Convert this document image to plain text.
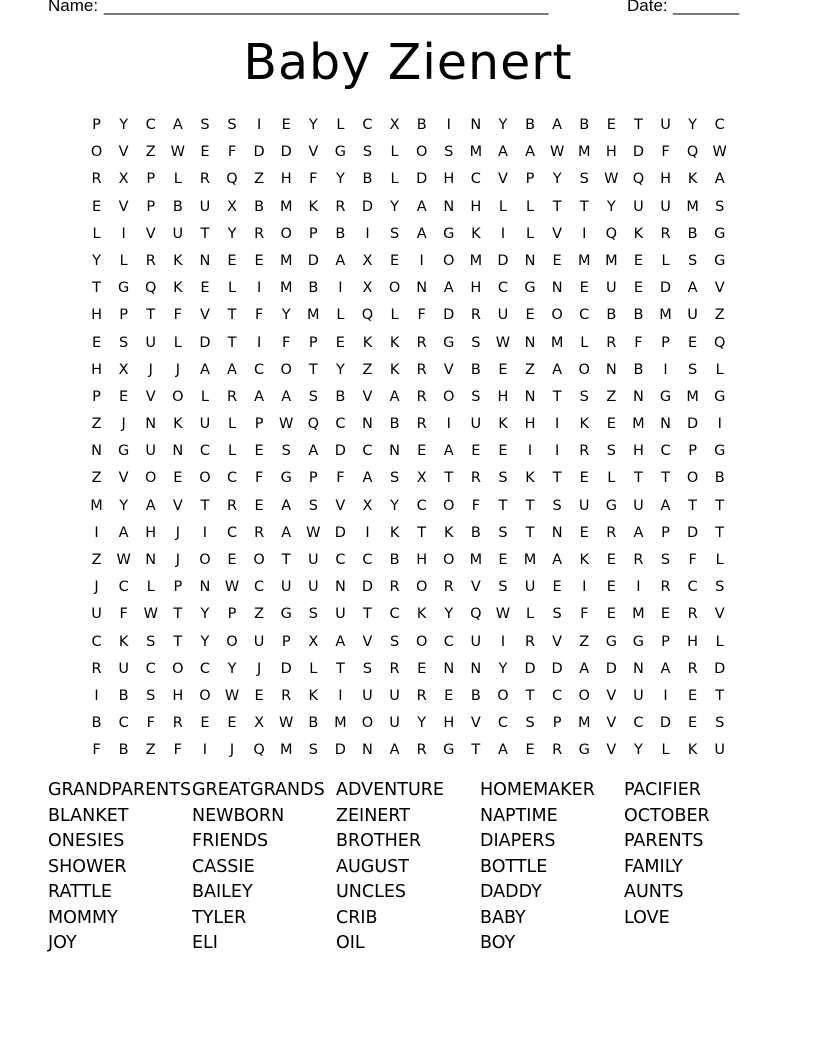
Name:

_______________________________________________

	Date:

_______

Baby Zienert
P	Y	C	A	S	S	I	E	Y	L	C	X	B	I	N	Y	B	A	B	E	T	U	Y	C
O	V	Z	W	E	F	D	D	V	G	S	L	O	S	M	A	A	W M	H	D	F	Q W
R	X	P	L	R	Q	Z	H	F	Y	B	L	D	H	C	V	P	Y	S	W Q	H	K	A
E	V	P	B	U	X	B	M	K	R	D	Y	A	N	H	L	L	T	T	Y	U	U	M	S
L	I	V	U	T	Y	R	O	P	B	I	S	A	G	K	I	L	V	I	Q	K	R	B	G
Y	L	R	K	N	E	E	M	D	A	X	E	I	O	M	D	N	E	M	M	E	L	S	G
T	G	Q	K	E	L	I	M	B	I	X	O	N	A	H	C	G	N	E	U	E	D	A	V
H	P	T	F	V	T	F	Y	M	L	Q	L	F	D	R	U	E	O	C	B	B	M	U	Z
E	S	U	L	D	T	I	F	P	E	K	K	R	G	S	W N	M	L	R	F	P	E	Q
H	X	J	J	A	A	C	O	T	Y	Z	K	R	V	B	E	Z	A	O	N	B	I	S	L
P	E	V	O	L	R	A	A	S	B	V	A	R	O	S	H	N	T	S	Z	N	G	M	G
Z	J	N	K	U	L	P	W Q	C	N	B	R	I	U	K	H	I	K	E	M	N	D	I
N	G	U	N	C	L	E	S	A	D	C	N	E	A	E	E	I	I	R	S	H	C	P	G
Z	V	O	E	O	C	F	G	P	F	A	S	X	T	R	S	K	T	E	L	T	T	O	B
M	Y	A	V	T	R	E	A	S	V	X	Y	C	O	F	T	T	S	U	G	U	A	T	T
I	A	H	J	I	C	R	A	W D	I	K	T	K	B	S	T	N	E	R	A	P	D	T
Z	W N	J	O	E	O	T	U	C	C	B	H	O	M	E	M	A	K	E	R	S	F	L
J	C	L	P	N	W	C	U	U	N	D	R	O	R	V	S	U	E	I	E	I	R	C	S
U	F	W	T	Y	P	Z	G	S	U	T	C	K	Y	Q W	L	S	F	E	M	E	R	V
C	K	S	T	Y	O	U	P	X	A	V	S	O	C	U	I	R	V	Z	G	G	P	H	L
R	U	C	O	C	Y	J	D	L	T	S	R	E	N	N	Y	D	D	A	D	N	A	R	D
I	B	S	H	O W	E	R	K	I	U	U	R	E	B	O	T	C	O	V	U	I	E	T
B	C	F	R	E	E	X	W	B	M	O	U	Y	H	V	C	S	P	M	V	C	D	E	S
F	B	Z	F	I	J	Q	M	S	D	N	A	R	G	T	A	E	R	G	V	Y	L	K	U
GRANDPARENTS GREATGRANDS ADVENTURE	HOMEMAKER	PACIFIER
BLANKET	NEWBORN	ZEINERT	NAPTIME	OCTOBER
ONESIES	FRIENDS	BROTHER	DIAPERS	PARENTS
SHOWER	CASSIE	AUGUST	BOTTLE	FAMILY
RATTLE	BAILEY	UNCLES	DADDY	AUNTS
MOMMY	TYLER	CRIB	BABY	LOVE
JOY	ELI	OIL	BOY
